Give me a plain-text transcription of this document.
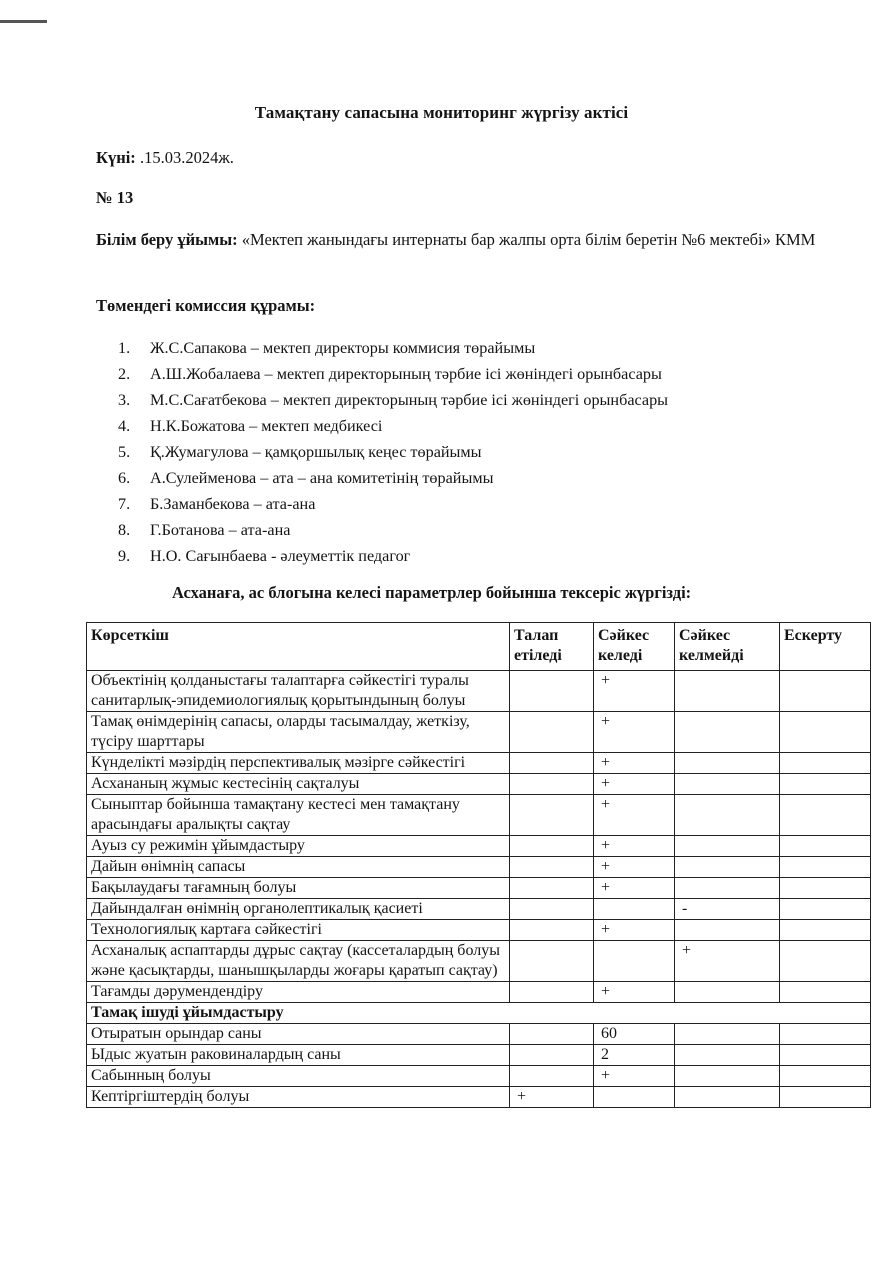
Тамақтану сапасына мониторинг жүргізу актісі
Күні: .15.03.2024ж.
№ 13
Білім беру ұйымы: «Мектеп жанындағы интернаты бар жалпы орта білім беретін №6 мектебі» КММ
Төмендегі комиссия құрамы:
1.	Ж.С.Сапакова – мектеп директоры коммисия төрайымы
2.	А.Ш.Жобалаева – мектеп директорының тәрбие ісі жөніндегі орынбасары
3.	М.С.Сағатбекова – мектеп директорының тәрбие ісі жөніндегі орынбасары
4.	Н.К.Божатова – мектеп медбикесі
5.	Қ.Жумагулова – қамқоршылық кеңес төрайымы
6.	А.Сулейменова – ата – ана комитетінің төрайымы
7.	Б.Заманбекова – ата-ана
8.	Г.Ботанова – ата-ана
9.	Н.О. Сағынбаева - әлеуметтік педагог
Асханаға, ас блогына келесі параметрлер бойынша тексеріс жүргізді:
Көрсеткіш	Талап етіледі	Сәйкес келеді	Сәйкес келмейді	Ескерту
Объектінің қолданыстағы талаптарға сәйкестігі туралы санитарлық-эпидемиологиялық қорытындының болуы		+		
Тамақ өнімдерінің сапасы, оларды тасымалдау, жеткізу, түсіру шарттары		+		
Күнделікті мәзірдің перспективалық мәзірге сәйкестігі		+		
Асхананың жұмыс кестесінің сақталуы		+		
Сыныптар бойынша тамақтану кестесі мен тамақтану арасындағы аралықты сақтау		+		
Ауыз су режимін ұйымдастыру		+		
Дайын өнімнің сапасы		+		
Бақылаудағы тағамның болуы		+		
Дайындалған өнімнің органолептикалық қасиеті			-	
Технологиялық картаға сәйкестігі		+		
Асханалық аспаптарды дұрыс сақтау (кассеталардың болуы және қасықтарды, шанышқыларды жоғары қаратып сақтау)			+	
Тағамды дәрумендендіру		+		
Тамақ ішуді ұйымдастыру				
Отыратын орындар саны		60		
Ыдыс жуатын раковиналардың саны		2		
Сабынның болуы		+		
Кептіргіштердің болуы	+			
